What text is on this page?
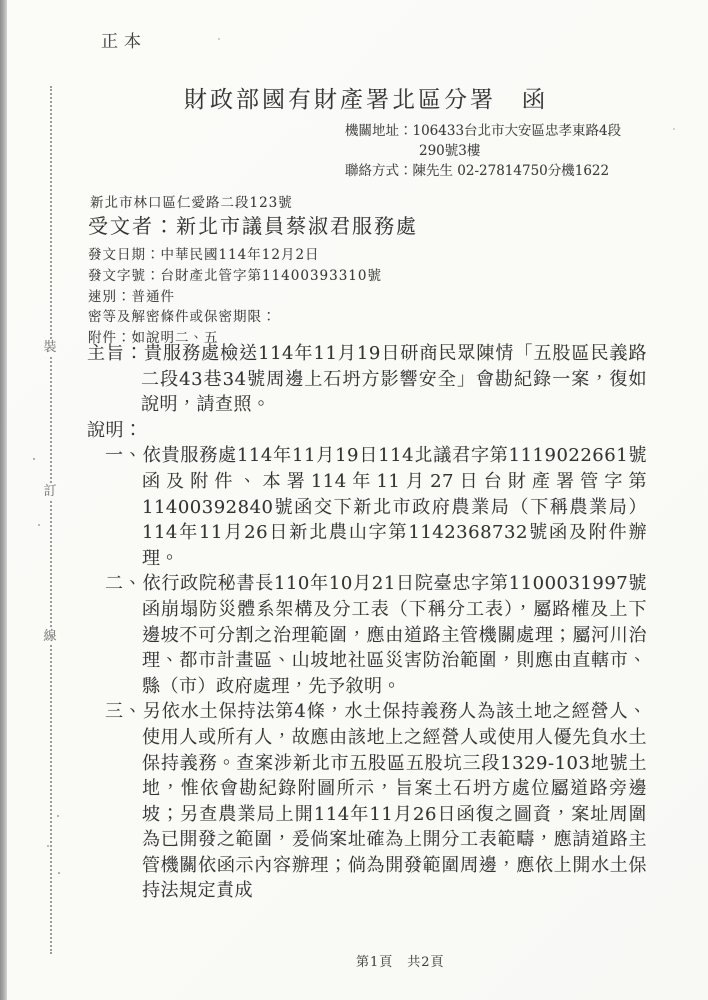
裝
訂
線
正本
財政部國有財產署北區分署　函
機關地址：106433台北市大安區忠孝東路4段290號3樓
聯絡方式：陳先生 02-27814750分機1622
新北市林口區仁愛路二段123號
受文者：新北市議員蔡淑君服務處
發文日期：中華民國114年12月2日
發文字號：台財產北管字第11400393310號
速別：普通件
密等及解密條件或保密期限：
附件：如說明二、五
主旨：貴服務處檢送114年11月19日研商民眾陳情「五股區民義路二段43巷34號周邊上石坍方影響安全」會勘紀錄一案，復如說明，請查照。
說明：
一、依貴服務處114年11月19日114北議君字第1119022661號函及附件、本署114年11月27日台財產署管字第11400392840號函交下新北市政府農業局（下稱農業局）114年11月26日新北農山字第1142368732號函及附件辦理。
二、依行政院秘書長110年10月21日院臺忠字第1100031997號函崩塌防災體系架構及分工表（下稱分工表），屬路權及上下邊坡不可分割之治理範圍，應由道路主管機關處理；屬河川治理、都市計畫區、山坡地社區災害防治範圍，則應由直轄市、縣（市）政府處理，先予敘明。
三、另依水土保持法第4條，水土保持義務人為該土地之經營人、使用人或所有人，故應由該地上之經營人或使用人優先負水土保持義務。查案涉新北市五股區五股坑三段1329-103地號土地，惟依會勘紀錄附圖所示，旨案土石坍方處位屬道路旁邊坡；另查農業局上開114年11月26日函復之圖資，案址周圍為已開發之範圍，爰倘案址確為上開分工表範疇，應請道路主管機關依函示內容辦理；倘為開發範圍周邊，應依上開水土保持法規定責成
第1頁　共2頁
